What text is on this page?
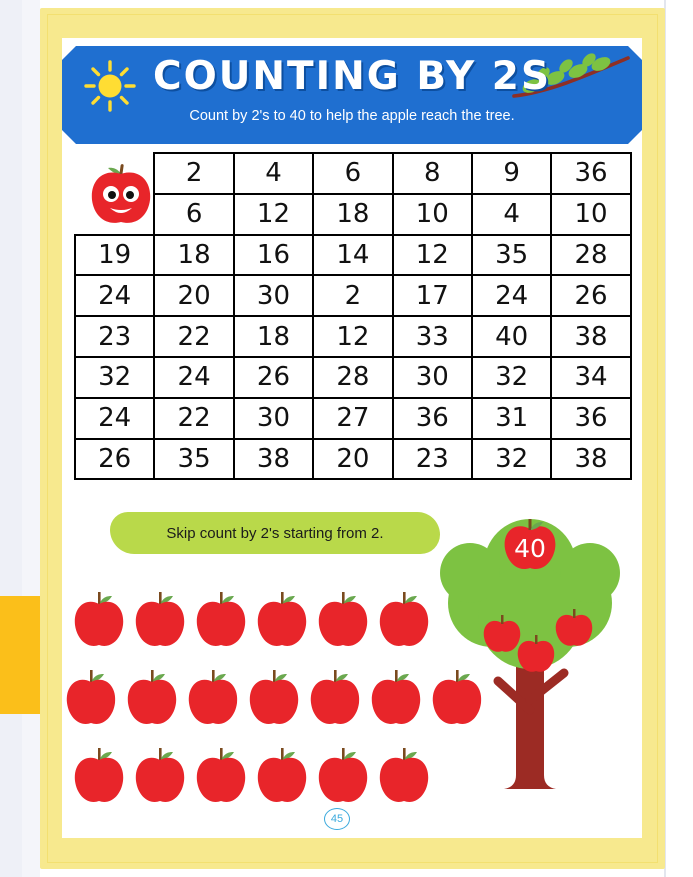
COUNTING BY 2S
Count by 2's to 40 to help the apple reach the tree.
	2	4	6	8	9	36
	6	12	18	10	4	10
19	18	16	14	12	35	28
24	20	30	2	17	24	26
23	22	18	12	33	40	38
32	24	26	28	30	32	34
24	22	30	27	36	31	36
26	35	38	20	23	32	38
Skip count by 2's starting from 2.
40
45
